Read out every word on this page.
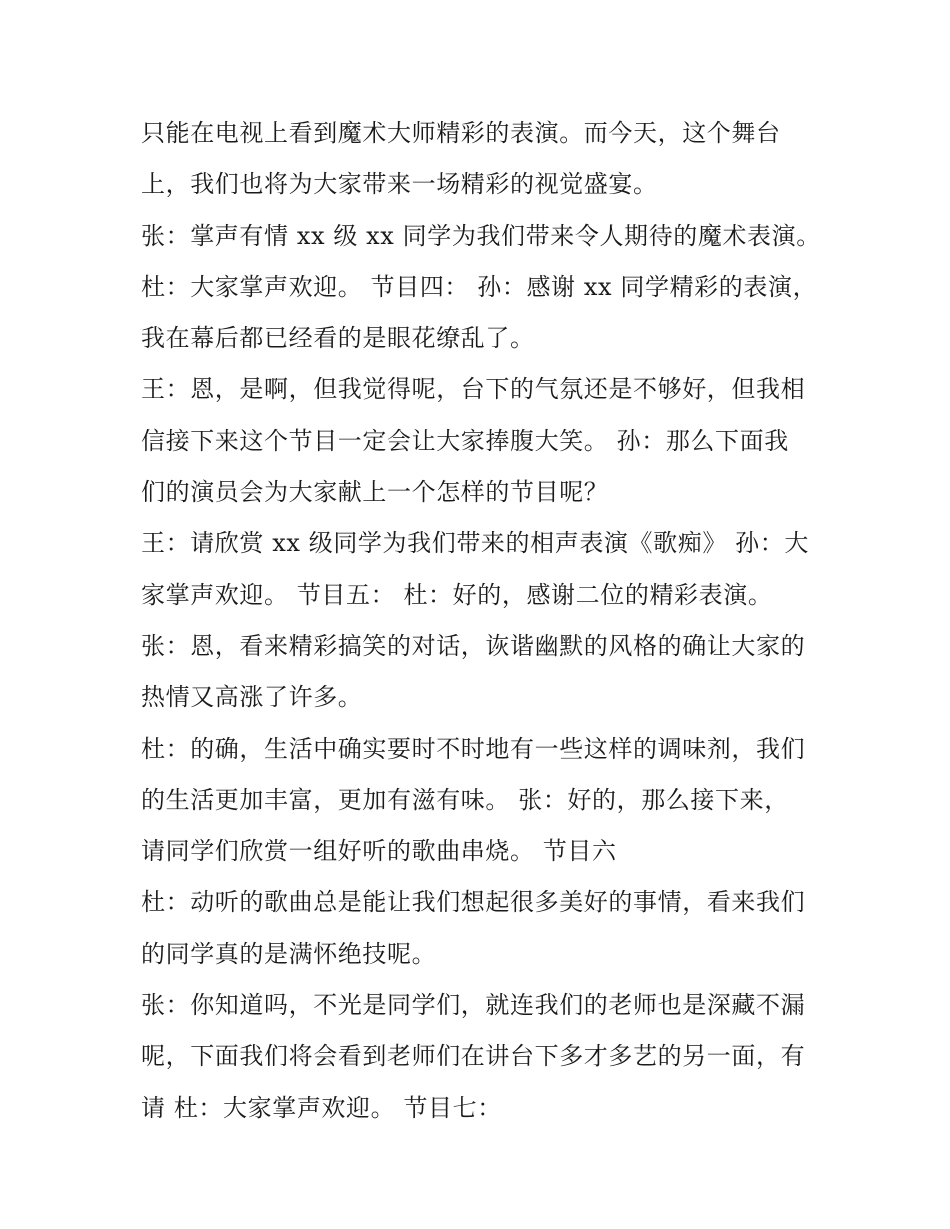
只能在电视上看到魔术大师精彩的表演。而今天，这个舞台
上，我们也将为大家带来一场精彩的视觉盛宴。
张：掌声有情 xx 级 xx 同学为我们带来令人期待的魔术表演。
杜：大家掌声欢迎。 节目四： 孙：感谢 xx 同学精彩的表演，
我在幕后都已经看的是眼花缭乱了。
王：恩，是啊，但我觉得呢，台下的气氛还是不够好，但我相
信接下来这个节目一定会让大家捧腹大笑。 孙：那么下面我
们的演员会为大家献上一个怎样的节目呢？
王：请欣赏 xx 级同学为我们带来的相声表演《歌痴》 孙：大
家掌声欢迎。 节目五： 杜：好的，感谢二位的精彩表演。
张：恩，看来精彩搞笑的对话，诙谐幽默的风格的确让大家的
热情又高涨了许多。
杜：的确，生活中确实要时不时地有一些这样的调味剂，我们
的生活更加丰富，更加有滋有味。 张：好的，那么接下来，
请同学们欣赏一组好听的歌曲串烧。 节目六
杜：动听的歌曲总是能让我们想起很多美好的事情，看来我们
的同学真的是满怀绝技呢。
张：你知道吗，不光是同学们，就连我们的老师也是深藏不漏
呢，下面我们将会看到老师们在讲台下多才多艺的另一面，有
请 杜：大家掌声欢迎。 节目七：
